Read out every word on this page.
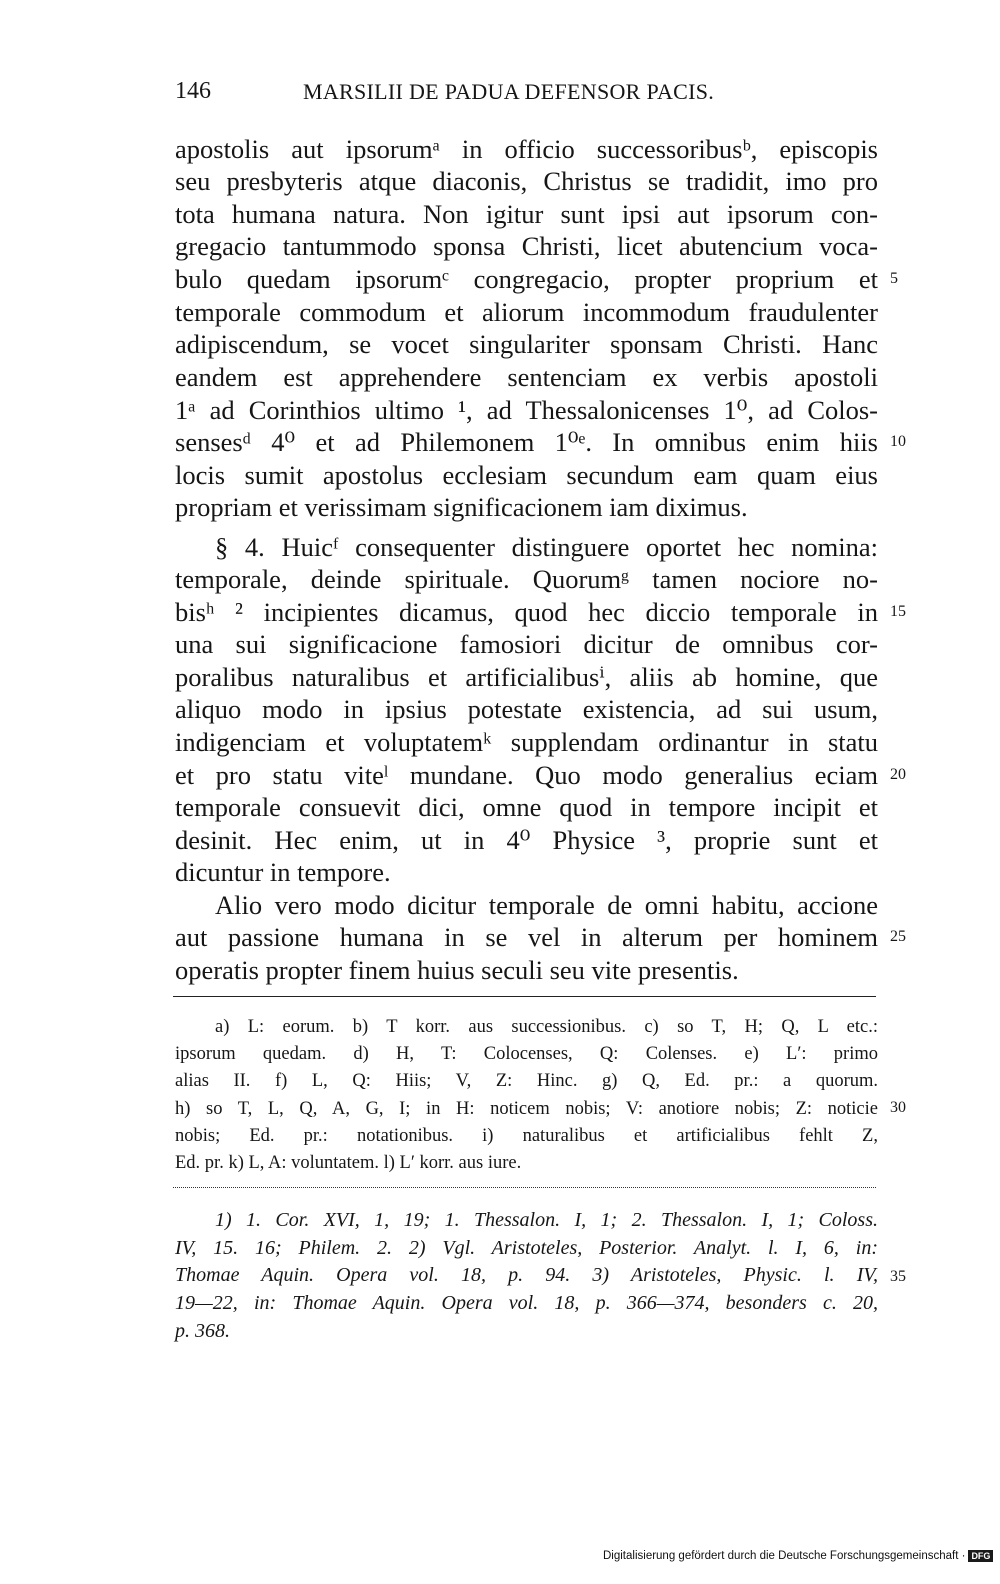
146	MARSILII DE PADUA DEFENSOR PACIS.
apostolis aut ipsorumᵃ in officio successoribusᵇ, episcopis
seu presbyteris atque diaconis, Christus se tradidit, imo pro
tota humana natura. Non igitur sunt ipsi aut ipsorum con-
gregacio tantummodo sponsa Christi, licet abutencium voca-
bulo quedam ipsorumᶜ congregacio, propter proprium et
temporale commodum et aliorum incommodum fraudulenter
adipiscendum, se vocet singulariter sponsam Christi. Hanc
eandem est apprehendere sentenciam ex verbis apostoli
1ᵃ ad Corinthios ultimo ¹, ad Thessalonicenses 1⁰, ad Colos-
sensesᵈ 4⁰ et ad Philemonem 1⁰ᵉ. In omnibus enim hiis
locis sumit apostolus ecclesiam secundum eam quam eius
propriam et verissimam significacionem iam diximus.
§ 4. Huicᶠ consequenter distinguere oportet hec nomina:
temporale, deinde spirituale. Quorumᵍ tamen nociore no-
bisʰ ² incipientes dicamus, quod hec diccio temporale in
una sui significacione famosiori dicitur de omnibus cor-
poralibus naturalibus et artificialibusⁱ, aliis ab homine, que
aliquo modo in ipsius potestate existencia, ad sui usum,
indigenciam et voluptatemᵏ supplendam ordinantur in statu
et pro statu viteˡ mundane. Quo modo generalius eciam
temporale consuevit dici, omne quod in tempore incipit et
desinit. Hec enim, ut in 4⁰ Physice ³, proprie sunt et
dicuntur in tempore.
Alio vero modo dicitur temporale de omni habitu, accione
aut passione humana in se vel in alterum per hominem
operatis propter finem huius seculi seu vite presentis.
5
10
15
20
25
a) L: eorum. b) T korr. aus successionibus. c) so T, H; Q, L etc.:
ipsorum quedam. d) H, T: Colocenses, Q: Colenses. e) L′: primo
alias II. f) L, Q: Hiis; V, Z: Hinc. g) Q, Ed. pr.: a quorum.
h) so T, L, Q, A, G, I; in H: noticem nobis; V: anotiore nobis; Z: noticie
nobis; Ed. pr.: notationibus. i) naturalibus et artificialibus fehlt Z,
Ed. pr. k) L, A: voluntatem. l) L′ korr. aus iure.
30
1) 1. Cor. XVI, 1, 19; 1. Thessalon. I, 1; 2. Thessalon. I, 1; Coloss.
IV, 15. 16; Philem. 2. 2) Vgl. Aristoteles, Posterior. Analyt. l. I, 6, in:
Thomae Aquin. Opera vol. 18, p. 94. 3) Aristoteles, Physic. l. IV,
19—22, in: Thomae Aquin. Opera vol. 18, p. 366—374, besonders c. 20,
p. 368.
35
Digitalisierung gefördert durch die Deutsche Forschungsgemeinschaft · DFG
